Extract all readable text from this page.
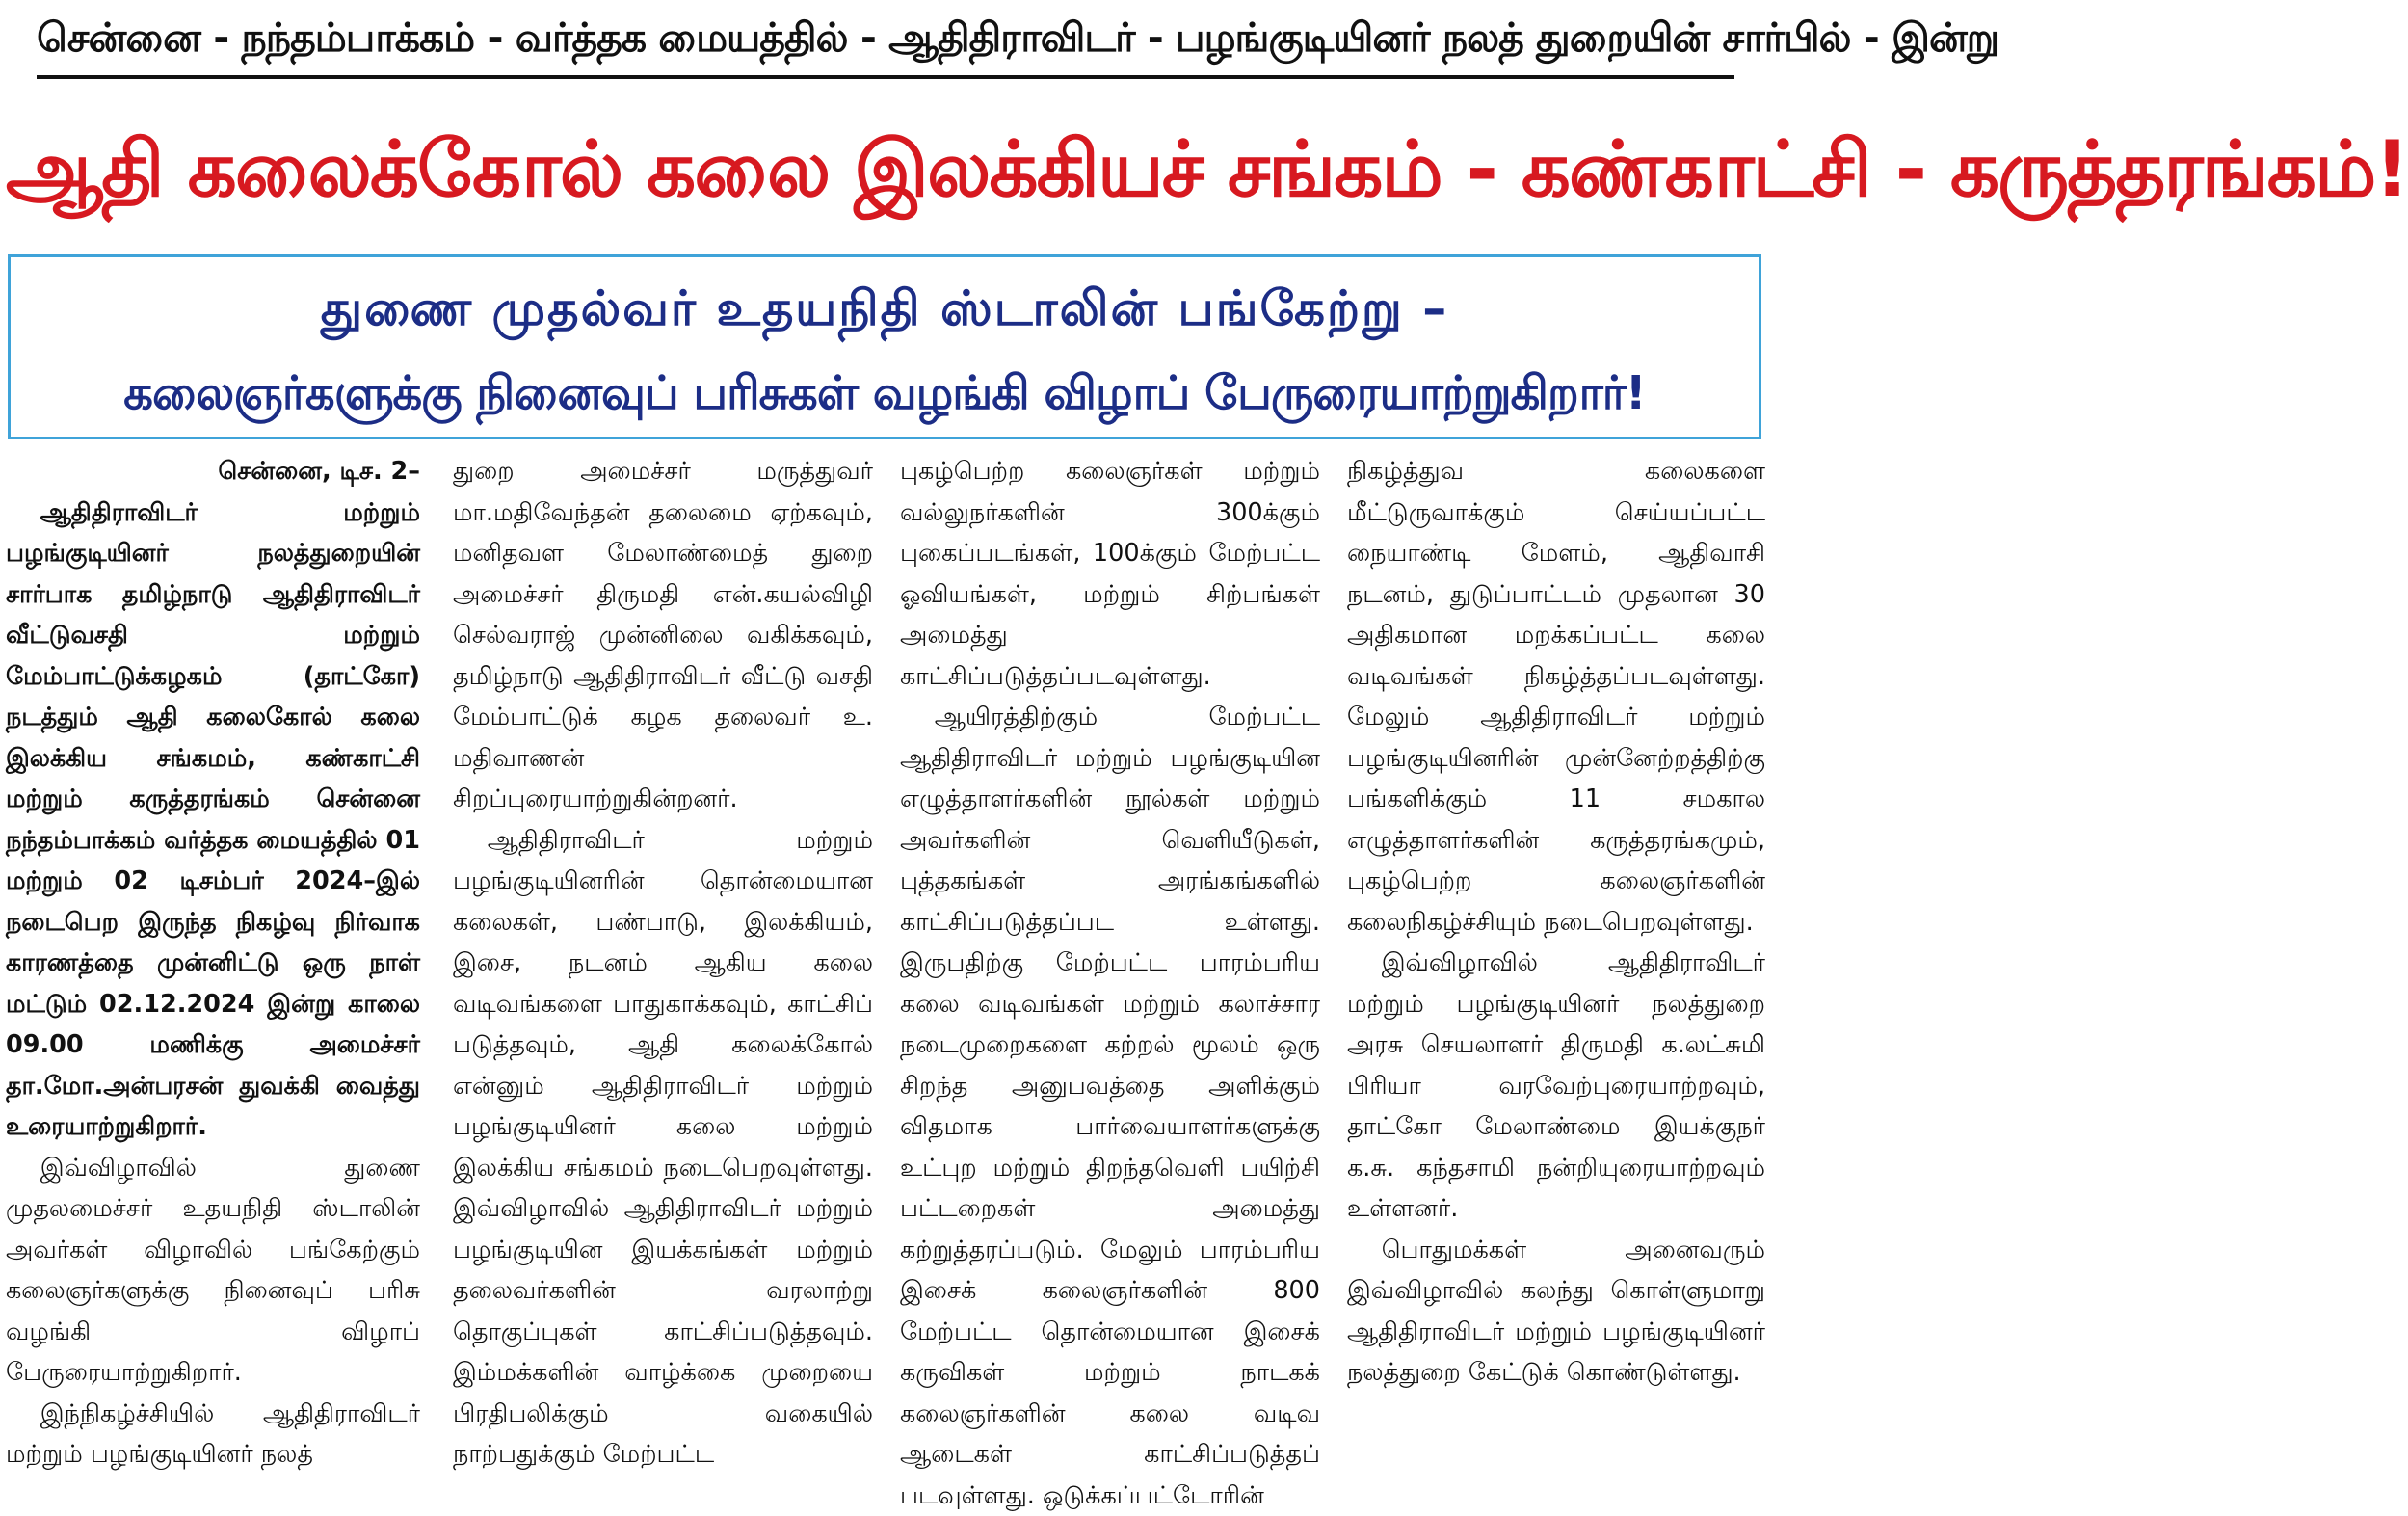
சென்னை - நந்தம்பாக்கம் - வர்த்தக மையத்தில் - ஆதிதிராவிடர் - பழங்குடியினர் நலத் துறையின் சார்பில் - இன்று
ஆதி கலைக்கோல் கலை இலக்கியச் சங்கம் - கண்காட்சி - கருத்தரங்கம்!
துணை முதல்வர் உதயநிதி ஸ்டாலின் பங்கேற்று –
கலைஞர்களுக்கு நினைவுப் பரிசுகள் வழங்கி விழாப் பேருரையாற்றுகிறார்!

சென்னை, டிச. 2–

ஆதிதிராவிடர் மற்றும் பழங்குடியினர் நலத்துறையின் சார்பாக தமிழ்நாடு ஆதிதிராவிடர் வீட்டுவசதி மற்றும் மேம்பாட்டுக்கழகம் (தாட்கோ) நடத்தும் ஆதி கலைகோல் கலை இலக்கிய சங்கமம், கண்காட்சி மற்றும் கருத்தரங்கம் சென்னை நந்தம்பாக்கம் வர்த்தக மையத்தில் 01 மற்றும் 02 டிசம்பர் 2024–இல் நடைபெற இருந்த நிகழ்வு நிர்வாக காரணத்தை முன்னிட்டு ஒரு நாள் மட்டும் 02.12.2024 இன்று காலை 09.00 மணிக்கு அமைச்சர் தா.மோ.அன்பரசன் துவக்கி வைத்து உரையாற்றுகிறார்.

இவ்விழாவில் துணை முதலமைச்சர் உதயநிதி ஸ்டாலின் அவர்கள் விழாவில் பங்கேற்கும் கலைஞர்களுக்கு நினைவுப் பரிசு வழங்கி விழாப் பேருரையாற்றுகிறார்.

இந்நிகழ்ச்சியில் ஆதிதிராவிடர் மற்றும் பழங்குடியினர் நலத்

துறை அமைச்சர் மருத்துவர் மா.மதிவேந்தன் தலைமை ஏற்கவும், மனிதவள மேலாண்மைத் துறை அமைச்சர் திருமதி என்.கயல்விழி செல்வராஜ் முன்னிலை வகிக்கவும், தமிழ்நாடு ஆதிதிராவிடர் வீட்டு வசதி மேம்பாட்டுக் கழக தலைவர் உ. மதிவாணன் சிறப்புரையாற்றுகின்றனர்.

ஆதிதிராவிடர் மற்றும் பழங்குடியினரின் தொன்மையான கலைகள், பண்பாடு, இலக்கியம், இசை, நடனம் ஆகிய கலை வடிவங்களை பாதுகாக்கவும், காட்சிப் படுத்தவும், ஆதி கலைக்கோல் என்னும் ஆதிதிராவிடர் மற்றும் பழங்குடியினர் கலை மற்றும் இலக்கிய சங்கமம் நடைபெறவுள்ளது. இவ்விழாவில் ஆதிதிராவிடர் மற்றும் பழங்குடியின இயக்கங்கள் மற்றும் தலைவர்களின் வரலாற்று தொகுப்புகள் காட்சிப்படுத்தவும். இம்மக்களின் வாழ்க்கை முறையை பிரதிபலிக்கும் வகையில் நாற்பதுக்கும் மேற்பட்ட

புகழ்பெற்ற கலைஞர்கள் மற்றும் வல்லுநர்களின் 300க்கும் புகைப்படங்கள், 100க்கும் மேற்பட்ட ஓவியங்கள், மற்றும் சிற்பங்கள் அமைத்து காட்சிப்படுத்தப்படவுள்ளது.

ஆயிரத்திற்கும் மேற்பட்ட ஆதிதிராவிடர் மற்றும் பழங்குடியின எழுத்தாளர்களின் நூல்கள் மற்றும் அவர்களின் வெளியீடுகள், புத்தகங்கள் அரங்கங்களில் காட்சிப்படுத்தப்பட உள்ளது. இருபதிற்கு மேற்பட்ட பாரம்பரிய கலை வடிவங்கள் மற்றும் கலாச்சார நடைமுறைகளை கற்றல் மூலம் ஒரு சிறந்த அனுபவத்தை அளிக்கும் விதமாக பார்வையாளர்களுக்கு உட்புற மற்றும் திறந்தவெளி பயிற்சி பட்டறைகள் அமைத்து கற்றுத்தரப்படும். மேலும் பாரம்பரிய இசைக் கலைஞர்களின் 800 மேற்பட்ட தொன்மையான இசைக் கருவிகள் மற்றும் நாடகக் கலைஞர்களின் கலை வடிவ ஆடைகள் காட்சிப்படுத்தப் படவுள்ளது. ஒடுக்கப்பட்டோரின்

நிகழ்த்துவ கலைகளை மீட்டுருவாக்கும் செய்யப்பட்ட நையாண்டி மேளம், ஆதிவாசி நடனம், துடுப்பாட்டம் முதலான 30 அதிகமான மறக்கப்பட்ட கலை வடிவங்கள் நிகழ்த்தப்படவுள்ளது. மேலும் ஆதிதிராவிடர் மற்றும் பழங்குடியினரின் முன்னேற்றத்திற்கு பங்களிக்கும் 11 சமகால எழுத்தாளர்களின் கருத்தரங்கமும், புகழ்பெற்ற கலைஞர்களின் கலைநிகழ்ச்சியும் நடைபெறவுள்ளது.

இவ்விழாவில் ஆதிதிராவிடர் மற்றும் பழங்குடியினர் நலத்துறை அரசு செயலாளர் திருமதி க.லட்சுமி பிரியா வரவேற்புரையாற்றவும், தாட்கோ மேலாண்மை இயக்குநர் க.சு. கந்தசாமி நன்றியுரையாற்றவும் உள்ளனர்.

பொதுமக்கள் அனைவரும் இவ்விழாவில் கலந்து கொள்ளுமாறு ஆதிதிராவிடர் மற்றும் பழங்குடியினர் நலத்துறை கேட்டுக் கொண்டுள்ளது.
